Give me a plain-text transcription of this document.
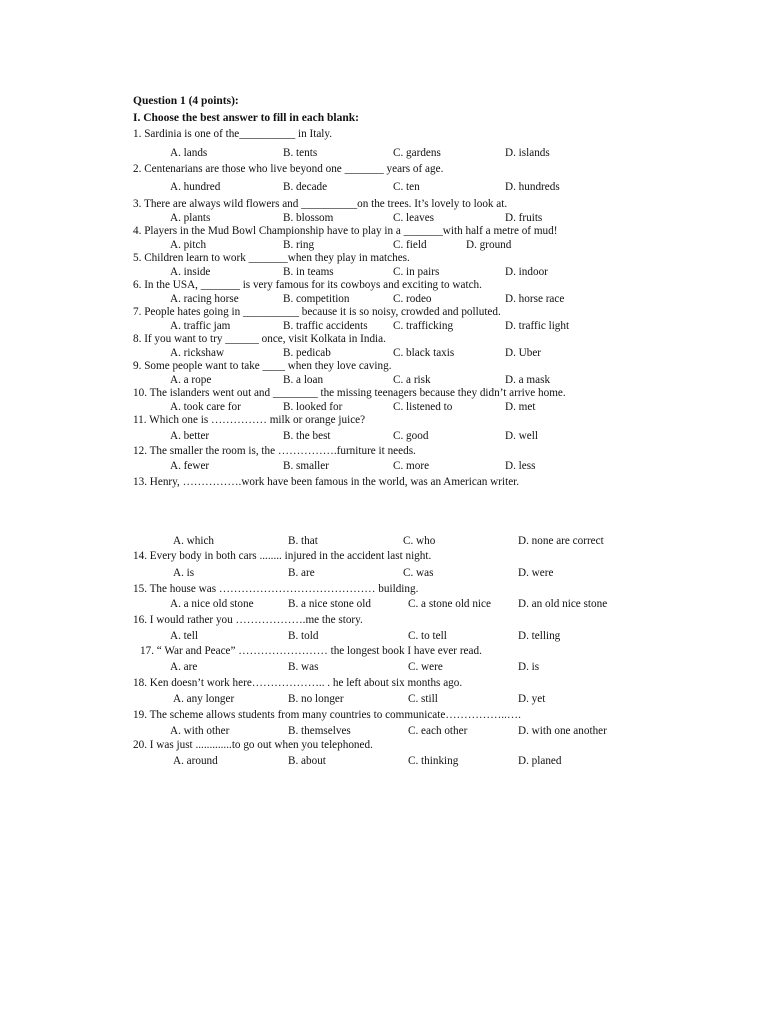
Question 1 (4 points):
I. Choose the best answer to fill in each blank:
1. Sardinia is one of the__________ in Italy.
A. lands	B. tents	C. gardens	D. islands
2. Centenarians are those who live beyond one _______ years of age.
A. hundred	B. decade	C. ten	D. hundreds
3. There are always wild flowers and __________on the trees. It’s lovely to look at.
A. plants	B. blossom	C. leaves	D. fruits
4. Players in the Mud Bowl Championship have to play in a _______with half a metre of mud!
A. pitch	B. ring	C. field	D. ground
5. Children learn to work _______when they play in matches.
A. inside	B. in teams	C. in pairs	D. indoor
6. In the USA, _______ is very famous for its cowboys and exciting to watch.
A. racing horse	B. competition	C. rodeo	D. horse race
7. People hates going in __________ because it is so noisy, crowded and polluted.
A. traffic jam	B. traffic accidents C. trafficking	D. traffic light
8. If you want to try ______ once, visit Kolkata in India.
A. rickshaw	B. pedicab	C. black taxis	D. Uber
9. Some people want to take ____ when they love caving.
A. a rope	B. a loan	C. a risk	D. a mask
10. The islanders went out and ________ the missing teenagers because they didn’t arrive home.
A. took care for	B. looked for	C. listened to	D. met
11. Which one is …………… milk or orange juice?
A. better	B. the best	C. good	D. well
12. The smaller the room is, the …………….furniture it needs.
A. fewer	B. smaller	C. more	D. less
13. Henry, …………….work have been famous in the world, was an American writer.
A. which	B. that	C. who	D. none are correct
14. Every body in both cars ........ injured in the accident last night.
A. is	B. are	C. was	D. were
15. The house was …………………………………… building.
A. a nice old stone	B. a nice stone old	C. a stone old nice D. an old nice stone
16. I would rather you ……………….me the story.
A. tell	B. told	C. to tell	D. telling
17. “ War and Peace” …………………… the longest book I have ever read.
A. are	B. was	C. were	D. is
18. Ken doesn’t work here……………….. . he left about six months ago.
A. any longer	B. no longer	C. still	D. yet
19. The scheme allows students from many countries to communicate……………..….
A. with other	B. themselves	C. each other	D. with one another
20. I was just .............to go out when you telephoned.
A. around	B. about	C. thinking	D. planed
